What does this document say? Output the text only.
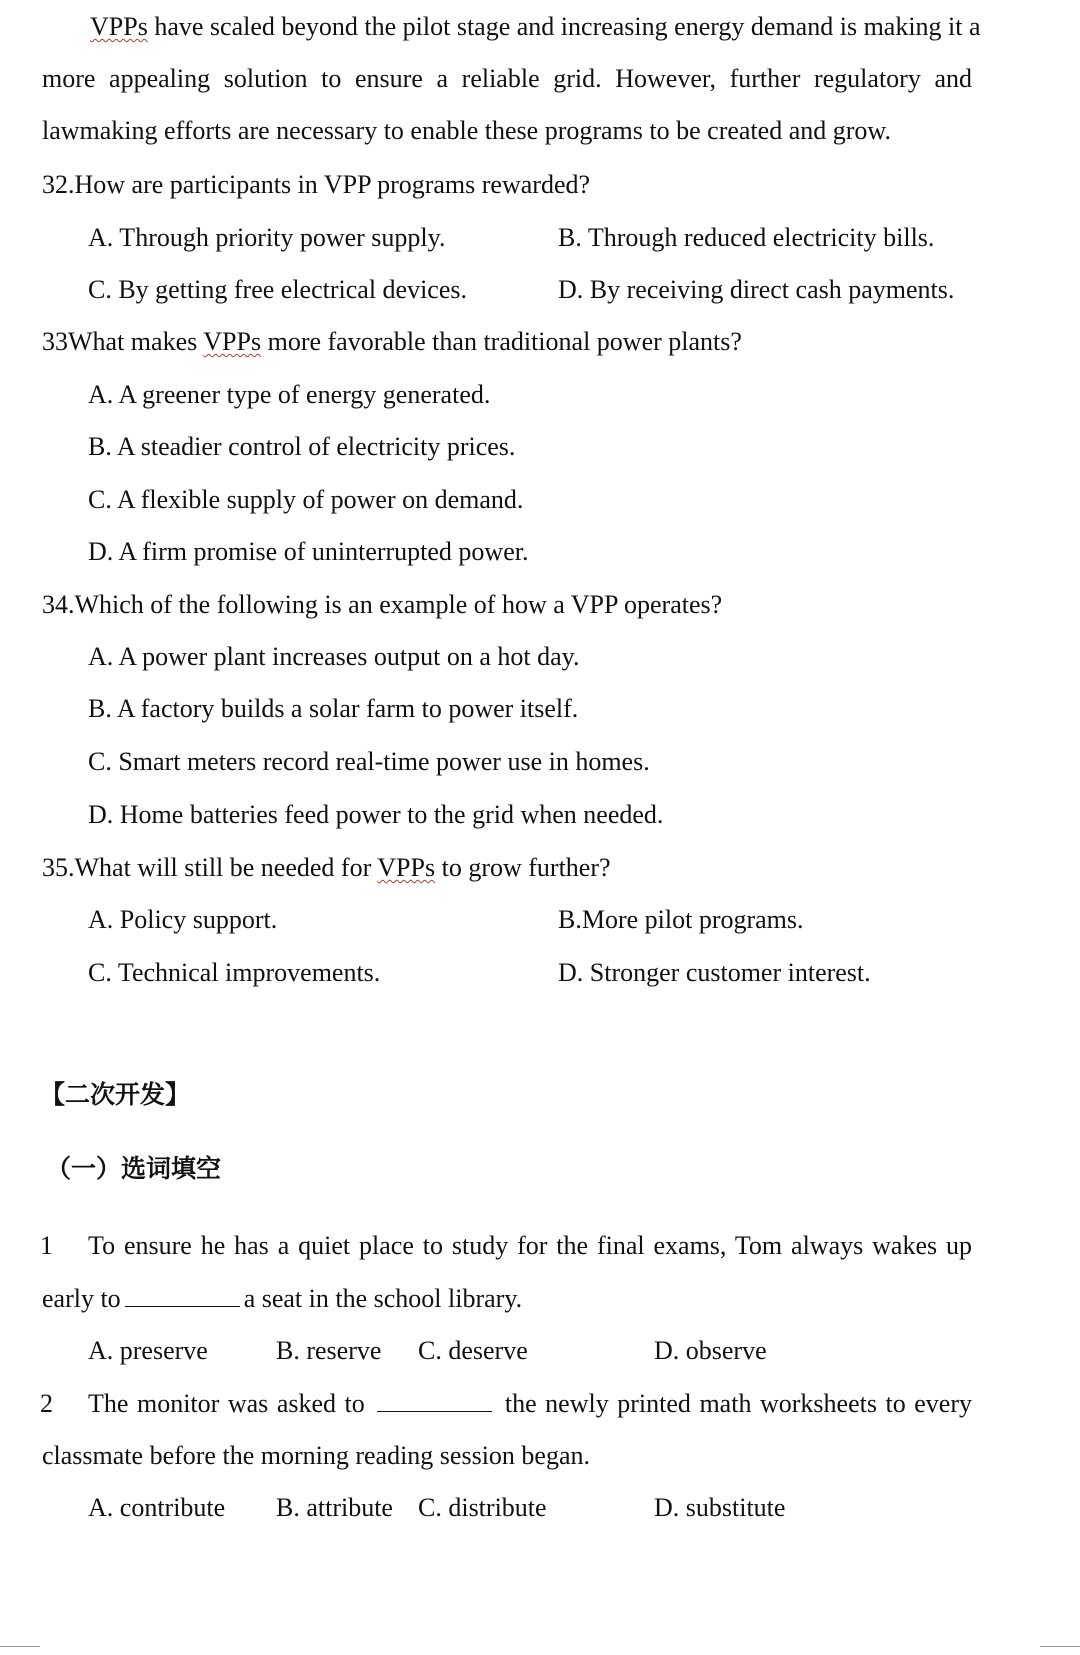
VPPs have scaled beyond the pilot stage and increasing energy demand is making it a
more appealing solution to ensure a reliable grid. However, further regulatory and
lawmaking efforts are necessary to enable these programs to be created and grow.
32.How are participants in VPP programs rewarded?
A. Through priority power supply.	B. Through reduced electricity bills.
C. By getting free electrical devices.	D. By receiving direct cash payments.
33What makes VPPs more favorable than traditional power plants?
A. A greener type of energy generated.
B. A steadier control of electricity prices.
C. A flexible supply of power on demand.
D. A firm promise of uninterrupted power.
34.Which of the following is an example of how a VPP operates?
A. A power plant increases output on a hot day.
B. A factory builds a solar farm to power itself.
C. Smart meters record real-time power use in homes.
D. Home batteries feed power to the grid when needed.
35.What will still be needed for VPPs to grow further?
A. Policy support.	B.More pilot programs.
C. Technical improvements.	D. Stronger customer interest.
【二次开发】
（一）选词填空
1 To ensure he has a quiet place to study for the final exams, Tom always wakes up
early to	a seat in the school library.
A. preserve	B. reserve C. deserve	D. observe
2 The monitor was asked to	the newly printed math worksheets to every
classmate before the morning reading session began.
A. contribute B. attribute C. distribute	D. substitute
